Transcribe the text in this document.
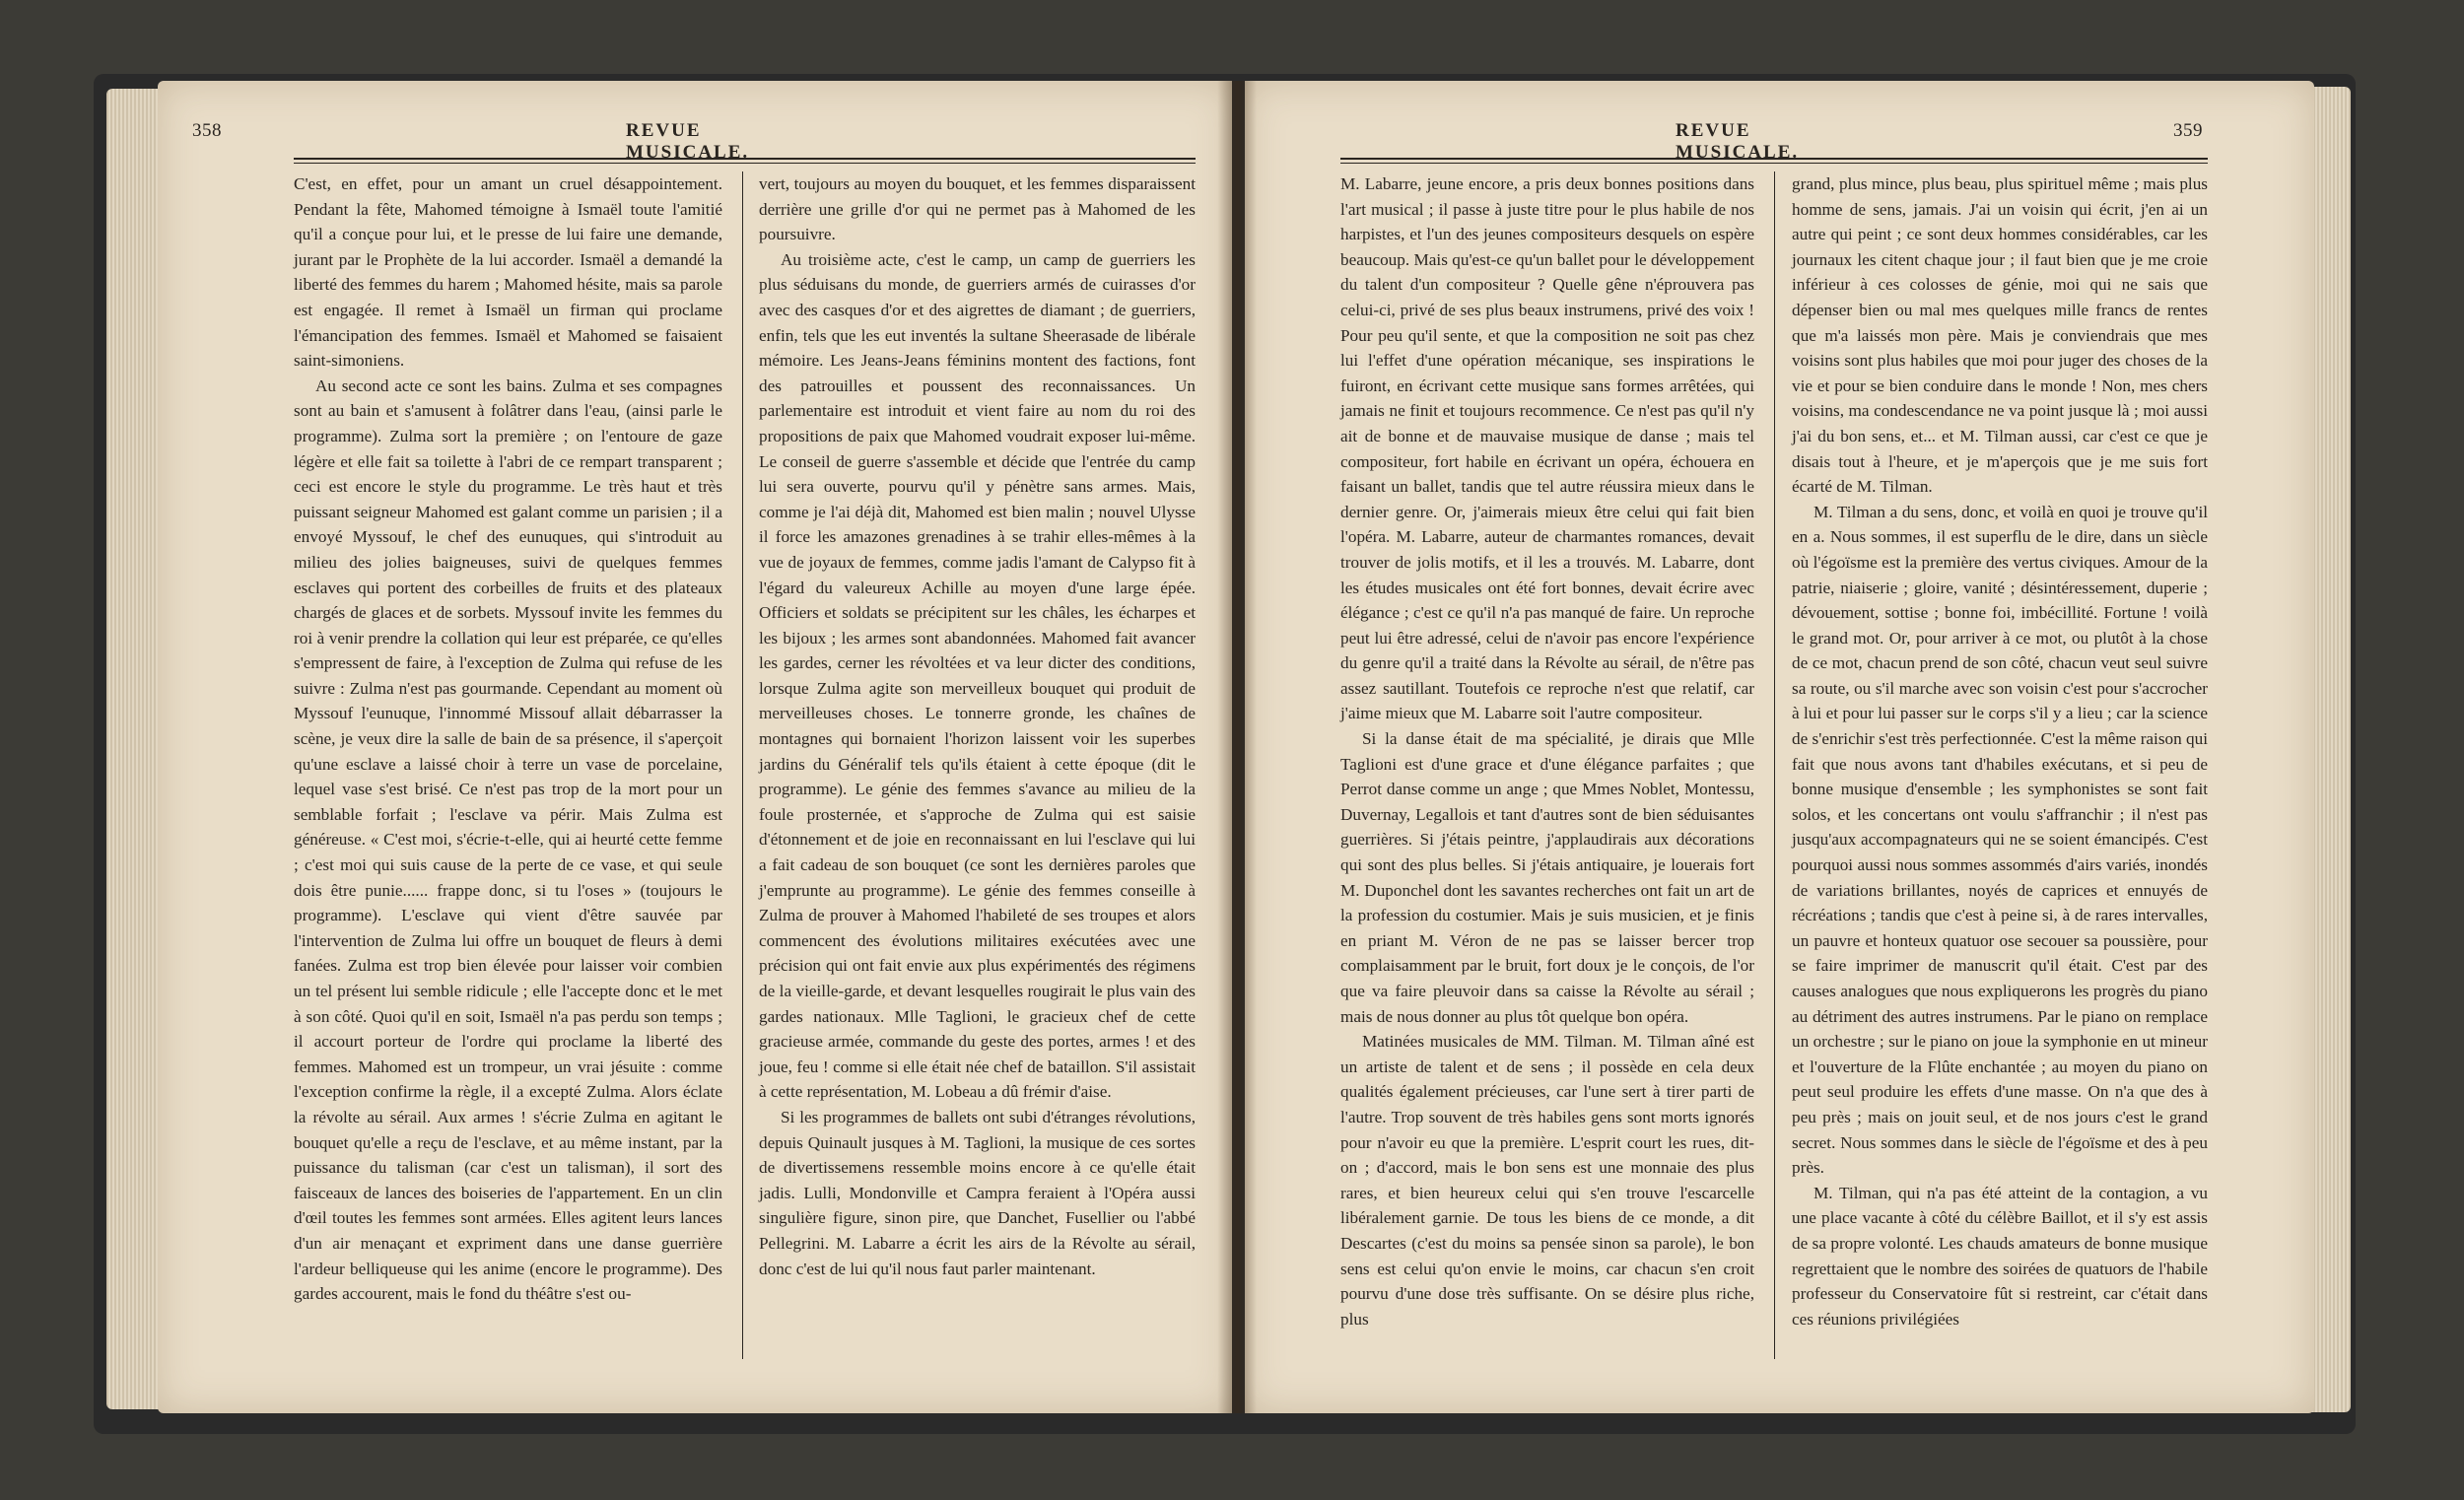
358	REVUE MUSICALE.

C'est, en effet, pour un amant un cruel désappointement. Pendant la fête, Mahomed témoigne à Ismaël toute l'amitié qu'il a conçue pour lui, et le presse de lui faire une demande, jurant par le Prophète de la lui accorder. Ismaël a demandé la liberté des femmes du harem ; Mahomed hésite, mais sa parole est engagée. Il remet à Ismaël un firman qui proclame l'émancipation des femmes. Ismaël et Mahomed se faisaient saint-simoniens.

Au second acte ce sont les bains. Zulma et ses compagnes sont au bain et s'amusent à folâtrer dans l'eau, (ainsi parle le programme). Zulma sort la première ; on l'entoure de gaze légère et elle fait sa toilette à l'abri de ce rempart transparent ; ceci est encore le style du programme. Le très haut et très puissant seigneur Mahomed est galant comme un parisien ; il a envoyé Myssouf, le chef des eunuques, qui s'introduit au milieu des jolies baigneuses, suivi de quelques femmes esclaves qui portent des corbeilles de fruits et des plateaux chargés de glaces et de sorbets. Myssouf invite les femmes du roi à venir prendre la collation qui leur est préparée, ce qu'elles s'empressent de faire, à l'exception de Zulma qui refuse de les suivre : Zulma n'est pas gourmande. Cependant au moment où Myssouf l'eunuque, l'innommé Missouf allait débarrasser la scène, je veux dire la salle de bain de sa présence, il s'aperçoit qu'une esclave a laissé choir à terre un vase de porcelaine, lequel vase s'est brisé. Ce n'est pas trop de la mort pour un semblable forfait ; l'esclave va périr. Mais Zulma est généreuse. « C'est moi, s'écrie-t-elle, qui ai heurté cette femme ; c'est moi qui suis cause de la perte de ce vase, et qui seule dois être punie...... frappe donc, si tu l'oses » (toujours le programme). L'esclave qui vient d'être sauvée par l'intervention de Zulma lui offre un bouquet de fleurs à demi fanées. Zulma est trop bien élevée pour laisser voir combien un tel présent lui semble ridicule ; elle l'accepte donc et le met à son côté. Quoi qu'il en soit, Ismaël n'a pas perdu son temps ; il accourt porteur de l'ordre qui proclame la liberté des femmes. Mahomed est un trompeur, un vrai jésuite : comme l'exception confirme la règle, il a excepté Zulma. Alors éclate la révolte au sérail. Aux armes ! s'écrie Zulma en agitant le bouquet qu'elle a reçu de l'esclave, et au même instant, par la puissance du talisman (car c'est un talisman), il sort des faisceaux de lances des boiseries de l'appartement. En un clin d'œil toutes les femmes sont armées. Elles agitent leurs lances d'un air menaçant et expriment dans une danse guerrière l'ardeur belliqueuse qui les anime (encore le programme). Des gardes accourent, mais le fond du théâtre s'est ou-

vert, toujours au moyen du bouquet, et les femmes disparaissent derrière une grille d'or qui ne permet pas à Mahomed de les poursuivre.

Au troisième acte, c'est le camp, un camp de guerriers les plus séduisans du monde, de guerriers armés de cuirasses d'or avec des casques d'or et des aigrettes de diamant ; de guerriers, enfin, tels que les eut inventés la sultane Sheerasade de libérale mémoire. Les Jeans-Jeans féminins montent des factions, font des patrouilles et poussent des reconnaissances. Un parlementaire est introduit et vient faire au nom du roi des propositions de paix que Mahomed voudrait exposer lui-même. Le conseil de guerre s'assemble et décide que l'entrée du camp lui sera ouverte, pourvu qu'il y pénètre sans armes. Mais, comme je l'ai déjà dit, Mahomed est bien malin ; nouvel Ulysse il force les amazones grenadines à se trahir elles-mêmes à la vue de joyaux de femmes, comme jadis l'amant de Calypso fit à l'égard du valeureux Achille au moyen d'une large épée. Officiers et soldats se précipitent sur les châles, les écharpes et les bijoux ; les armes sont abandonnées. Mahomed fait avancer les gardes, cerner les révoltées et va leur dicter des conditions, lorsque Zulma agite son merveilleux bouquet qui produit de merveilleuses choses. Le tonnerre gronde, les chaînes de montagnes qui bornaient l'horizon laissent voir les superbes jardins du Généralif tels qu'ils étaient à cette époque (dit le programme). Le génie des femmes s'avance au milieu de la foule prosternée, et s'approche de Zulma qui est saisie d'étonnement et de joie en reconnaissant en lui l'esclave qui lui a fait cadeau de son bouquet (ce sont les dernières paroles que j'emprunte au programme). Le génie des femmes conseille à Zulma de prouver à Mahomed l'habileté de ses troupes et alors commencent des évolutions militaires exécutées avec une précision qui ont fait envie aux plus expérimentés des régimens de la vieille-garde, et devant lesquelles rougirait le plus vain des gardes nationaux. Mlle Taglioni, le gracieux chef de cette gracieuse armée, commande du geste des portes, armes ! et des joue, feu ! comme si elle était née chef de bataillon. S'il assistait à cette représentation, M. Lobeau a dû frémir d'aise.

Si les programmes de ballets ont subi d'étranges révolutions, depuis Quinault jusques à M. Taglioni, la musique de ces sortes de divertissemens ressemble moins encore à ce qu'elle était jadis. Lulli, Mondonville et Campra feraient à l'Opéra aussi singulière figure, sinon pire, que Danchet, Fusellier ou l'abbé Pellegrini. M. Labarre a écrit les airs de la Révolte au sérail, donc c'est de lui qu'il nous faut parler maintenant.

REVUE MUSICALE.
359

M. Labarre, jeune encore, a pris deux bonnes positions dans l'art musical ; il passe à juste titre pour le plus habile de nos harpistes, et l'un des jeunes compositeurs desquels on espère beaucoup. Mais qu'est-ce qu'un ballet pour le développement du talent d'un compositeur ? Quelle gêne n'éprouvera pas celui-ci, privé de ses plus beaux instrumens, privé des voix ! Pour peu qu'il sente, et que la composition ne soit pas chez lui l'effet d'une opération mécanique, ses inspirations le fuiront, en écrivant cette musique sans formes arrêtées, qui jamais ne finit et toujours recommence. Ce n'est pas qu'il n'y ait de bonne et de mauvaise musique de danse ; mais tel compositeur, fort habile en écrivant un opéra, échouera en faisant un ballet, tandis que tel autre réussira mieux dans le dernier genre. Or, j'aimerais mieux être celui qui fait bien l'opéra. M. Labarre, auteur de charmantes romances, devait trouver de jolis motifs, et il les a trouvés. M. Labarre, dont les études musicales ont été fort bonnes, devait écrire avec élégance ; c'est ce qu'il n'a pas manqué de faire. Un reproche peut lui être adressé, celui de n'avoir pas encore l'expérience du genre qu'il a traité dans la Révolte au sérail, de n'être pas assez sautillant. Toutefois ce reproche n'est que relatif, car j'aime mieux que M. Labarre soit l'autre compositeur.

Si la danse était de ma spécialité, je dirais que Mlle Taglioni est d'une grace et d'une élégance parfaites ; que Perrot danse comme un ange ; que Mmes Noblet, Montessu, Duvernay, Legallois et tant d'autres sont de bien séduisantes guerrières. Si j'étais peintre, j'applaudirais aux décorations qui sont des plus belles. Si j'étais antiquaire, je louerais fort M. Duponchel dont les savantes recherches ont fait un art de la profession du costumier. Mais je suis musicien, et je finis en priant M. Véron de ne pas se laisser bercer trop complaisamment par le bruit, fort doux je le conçois, de l'or que va faire pleuvoir dans sa caisse la Révolte au sérail ; mais de nous donner au plus tôt quelque bon opéra.

Matinées musicales de MM. Tilman. M. Tilman aîné est un artiste de talent et de sens ; il possède en cela deux qualités également précieuses, car l'une sert à tirer parti de l'autre. Trop souvent de très habiles gens sont morts ignorés pour n'avoir eu que la première. L'esprit court les rues, dit-on ; d'accord, mais le bon sens est une monnaie des plus rares, et bien heureux celui qui s'en trouve l'escarcelle libéralement garnie. De tous les biens de ce monde, a dit Descartes (c'est du moins sa pensée sinon sa parole), le bon sens est celui qu'on envie le moins, car chacun s'en croit pourvu d'une dose très suffisante. On se désire plus riche, plus

grand, plus mince, plus beau, plus spirituel même ; mais plus homme de sens, jamais. J'ai un voisin qui écrit, j'en ai un autre qui peint ; ce sont deux hommes considérables, car les journaux les citent chaque jour ; il faut bien que je me croie inférieur à ces colosses de génie, moi qui ne sais que dépenser bien ou mal mes quelques mille francs de rentes que m'a laissés mon père. Mais je conviendrais que mes voisins sont plus habiles que moi pour juger des choses de la vie et pour se bien conduire dans le monde ! Non, mes chers voisins, ma condescendance ne va point jusque là ; moi aussi j'ai du bon sens, et... et M. Tilman aussi, car c'est ce que je disais tout à l'heure, et je m'aperçois que je me suis fort écarté de M. Tilman.

M. Tilman a du sens, donc, et voilà en quoi je trouve qu'il en a. Nous sommes, il est superflu de le dire, dans un siècle où l'égoïsme est la première des vertus civiques. Amour de la patrie, niaiserie ; gloire, vanité ; désintéressement, duperie ; dévouement, sottise ; bonne foi, imbécillité. Fortune ! voilà le grand mot. Or, pour arriver à ce mot, ou plutôt à la chose de ce mot, chacun prend de son côté, chacun veut seul suivre sa route, ou s'il marche avec son voisin c'est pour s'accrocher à lui et pour lui passer sur le corps s'il y a lieu ; car la science de s'enrichir s'est très perfectionnée. C'est la même raison qui fait que nous avons tant d'habiles exécutans, et si peu de bonne musique d'ensemble ; les symphonistes se sont fait solos, et les concertans ont voulu s'affranchir ; il n'est pas jusqu'aux accompagnateurs qui ne se soient émancipés. C'est pourquoi aussi nous sommes assommés d'airs variés, inondés de variations brillantes, noyés de caprices et ennuyés de récréations ; tandis que c'est à peine si, à de rares intervalles, un pauvre et honteux quatuor ose secouer sa poussière, pour se faire imprimer de manuscrit qu'il était. C'est par des causes analogues que nous expliquerons les progrès du piano au détriment des autres instrumens. Par le piano on remplace un orchestre ; sur le piano on joue la symphonie en ut mineur et l'ouverture de la Flûte enchantée ; au moyen du piano on peut seul produire les effets d'une masse. On n'a que des à peu près ; mais on jouit seul, et de nos jours c'est le grand secret. Nous sommes dans le siècle de l'égoïsme et des à peu près.

M. Tilman, qui n'a pas été atteint de la contagion, a vu une place vacante à côté du célèbre Baillot, et il s'y est assis de sa propre volonté. Les chauds amateurs de bonne musique regrettaient que le nombre des soirées de quatuors de l'habile professeur du Conservatoire fût si restreint, car c'était dans ces réunions privilégiées
